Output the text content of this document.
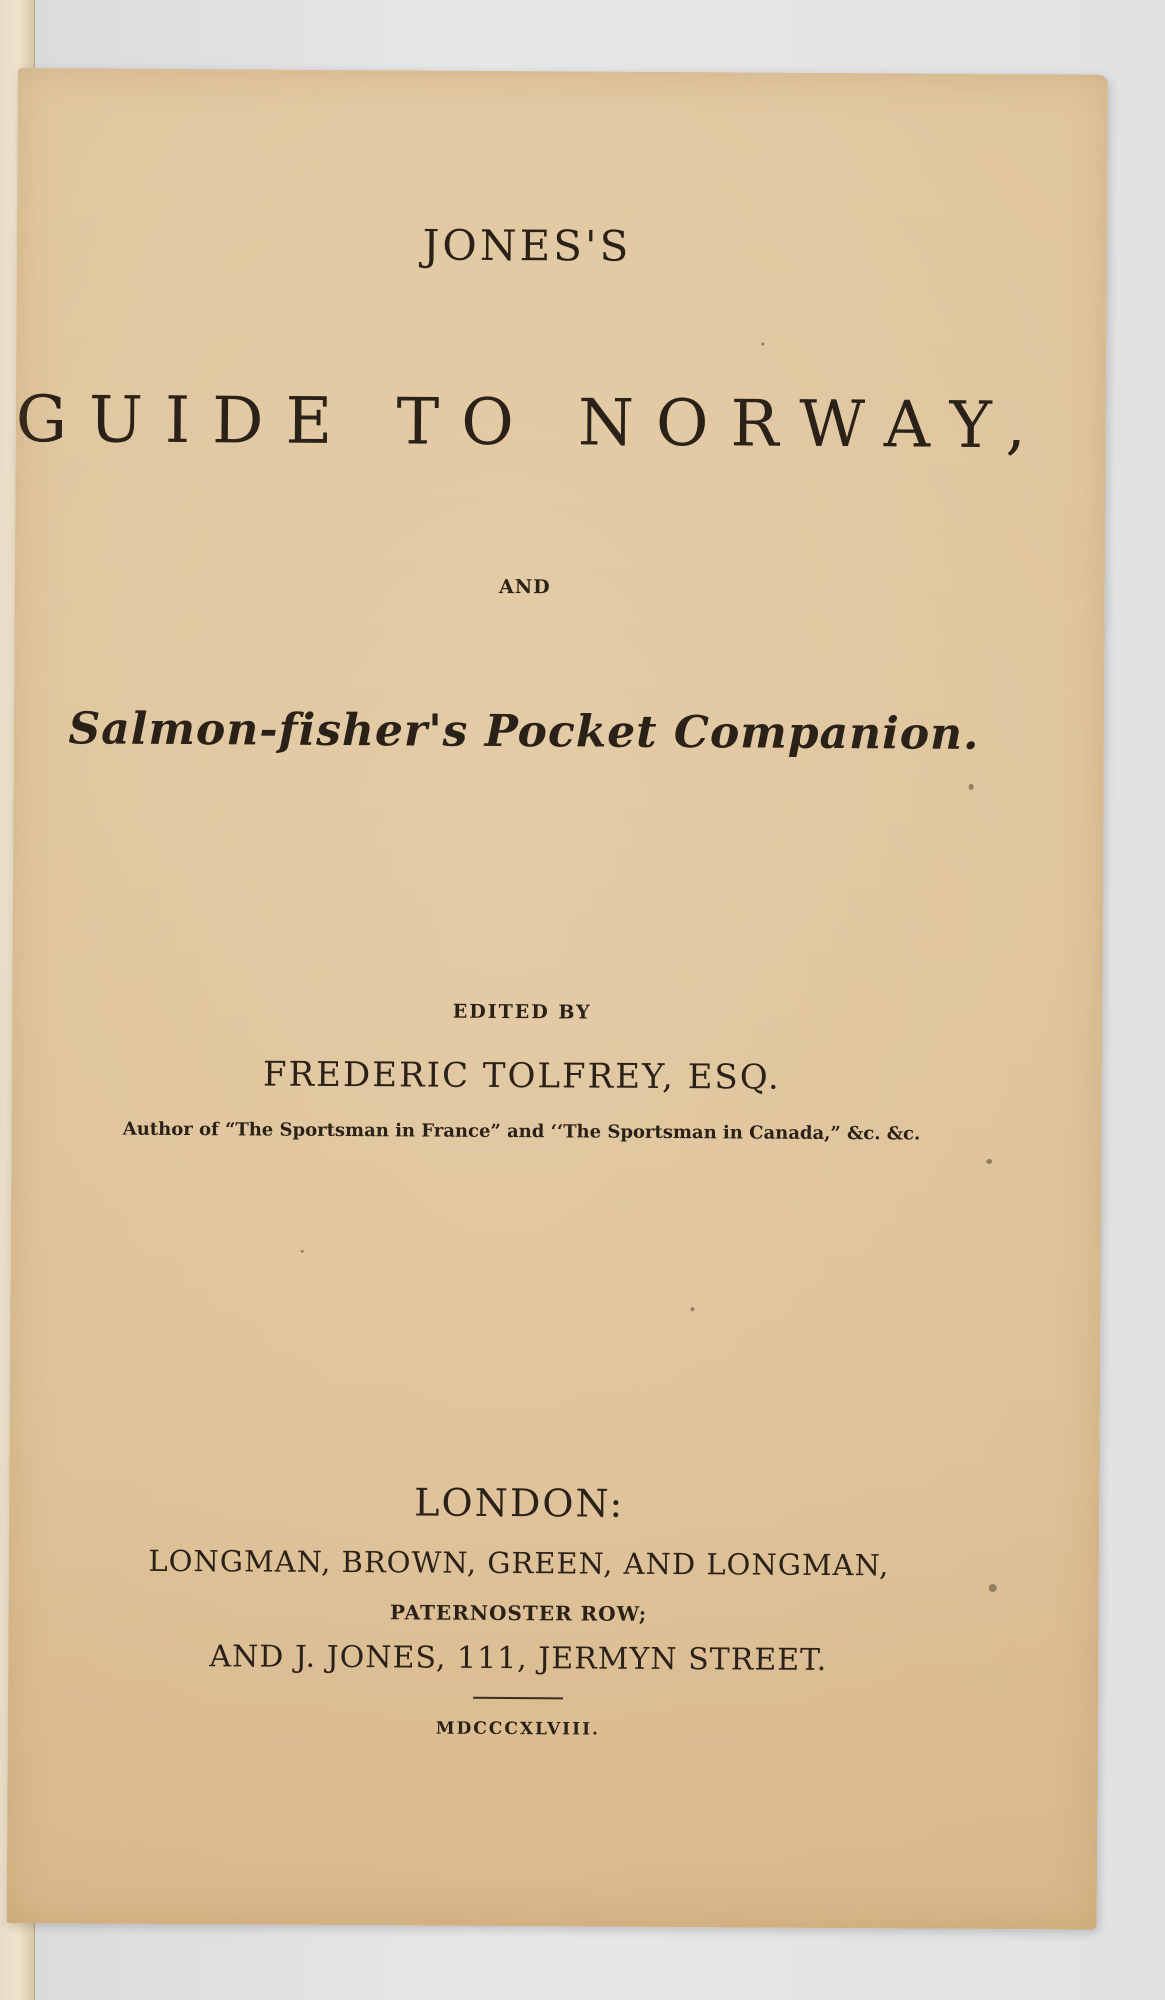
JONES'S
GUIDE TO NORWAY,
AND
Salmon-fisher's Pocket Companion.
EDITED BY
FREDERIC TOLFREY, ESQ.
Author of “The Sportsman in France” and ‘‘The Sportsman in Canada,” &c. &c.
LONDON:
LONGMAN, BROWN, GREEN, AND LONGMAN,
PATERNOSTER ROW;
AND J. JONES, 111, JERMYN STREET.
MDCCCXLVIII.
